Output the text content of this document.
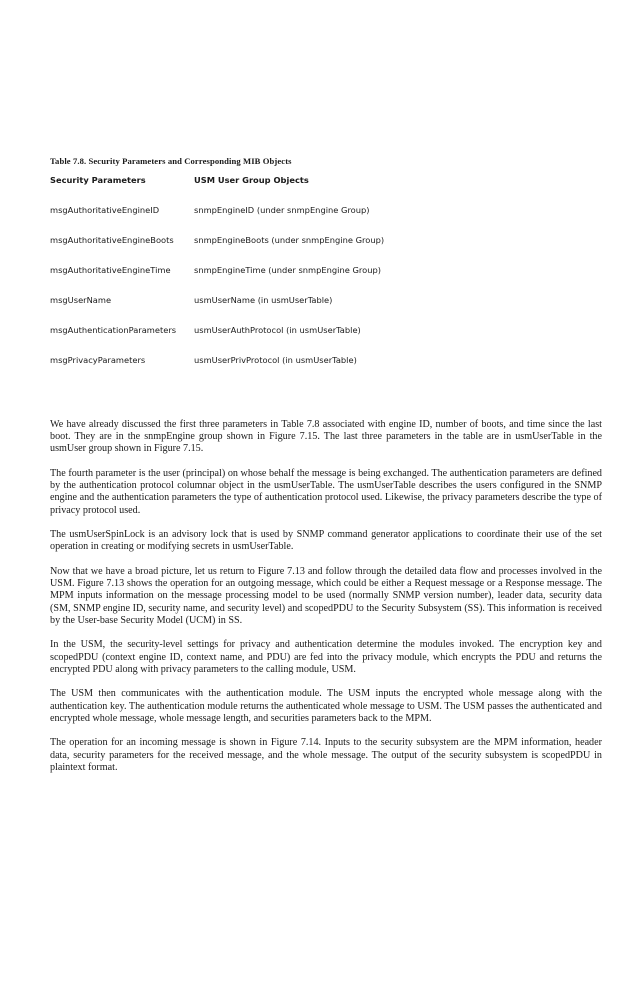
Table 7.8. Security Parameters and Corresponding MIB Objects
Security Parameters	USM User Group Objects
msgAuthoritativeEngineID	snmpEngineID (under snmpEngine Group)
msgAuthoritativeEngineBoots	snmpEngineBoots (under snmpEngine Group)
msgAuthoritativeEngineTime	snmpEngineTime (under snmpEngine Group)
msgUserName	usmUserName (in usmUserTable)
msgAuthenticationParameters	usmUserAuthProtocol (in usmUserTable)
msgPrivacyParameters	usmUserPrivProtocol (in usmUserTable)

We have already discussed the first three parameters in Table 7.8 associated with engine ID, number of boots, and time since the last boot. They are in the snmpEngine group shown in Figure 7.15. The last three parameters in the table are in usmUserTable in the usmUser group shown in Figure 7.15.

The fourth parameter is the user (principal) on whose behalf the message is being exchanged. The authentication parameters are defined by the authentication protocol columnar object in the usmUserTable. The usmUserTable describes the users configured in the SNMP engine and the authentication parameters the type of authentication protocol used. Likewise, the privacy parameters describe the type of privacy protocol used.

The usmUserSpinLock is an advisory lock that is used by SNMP command generator applications to coordinate their use of the set operation in creating or modifying secrets in usmUserTable.

Now that we have a broad picture, let us return to Figure 7.13 and follow through the detailed data flow and processes involved in the USM. Figure 7.13 shows the operation for an outgoing message, which could be either a Request message or a Response message. The MPM inputs information on the message processing model to be used (normally SNMP version number), leader data, security data (SM, SNMP engine ID, security name, and security level) and scopedPDU to the Security Subsystem (SS). This information is received by the User-base Security Model (UCM) in SS.

In the USM, the security-level settings for privacy and authentication determine the modules invoked. The encryption key and scopedPDU (context engine ID, context name, and PDU) are fed into the privacy module, which encrypts the PDU and returns the encrypted PDU along with privacy parameters to the calling module, USM.

The USM then communicates with the authentication module. The USM inputs the encrypted whole message along with the authentication key. The authentication module returns the authenticated whole message to USM. The USM passes the authenticated and encrypted whole message, whole message length, and securities parameters back to the MPM.

The operation for an incoming message is shown in Figure 7.14. Inputs to the security subsystem are the MPM information, header data, security parameters for the received message, and the whole message. The output of the security subsystem is scopedPDU in plaintext format.
